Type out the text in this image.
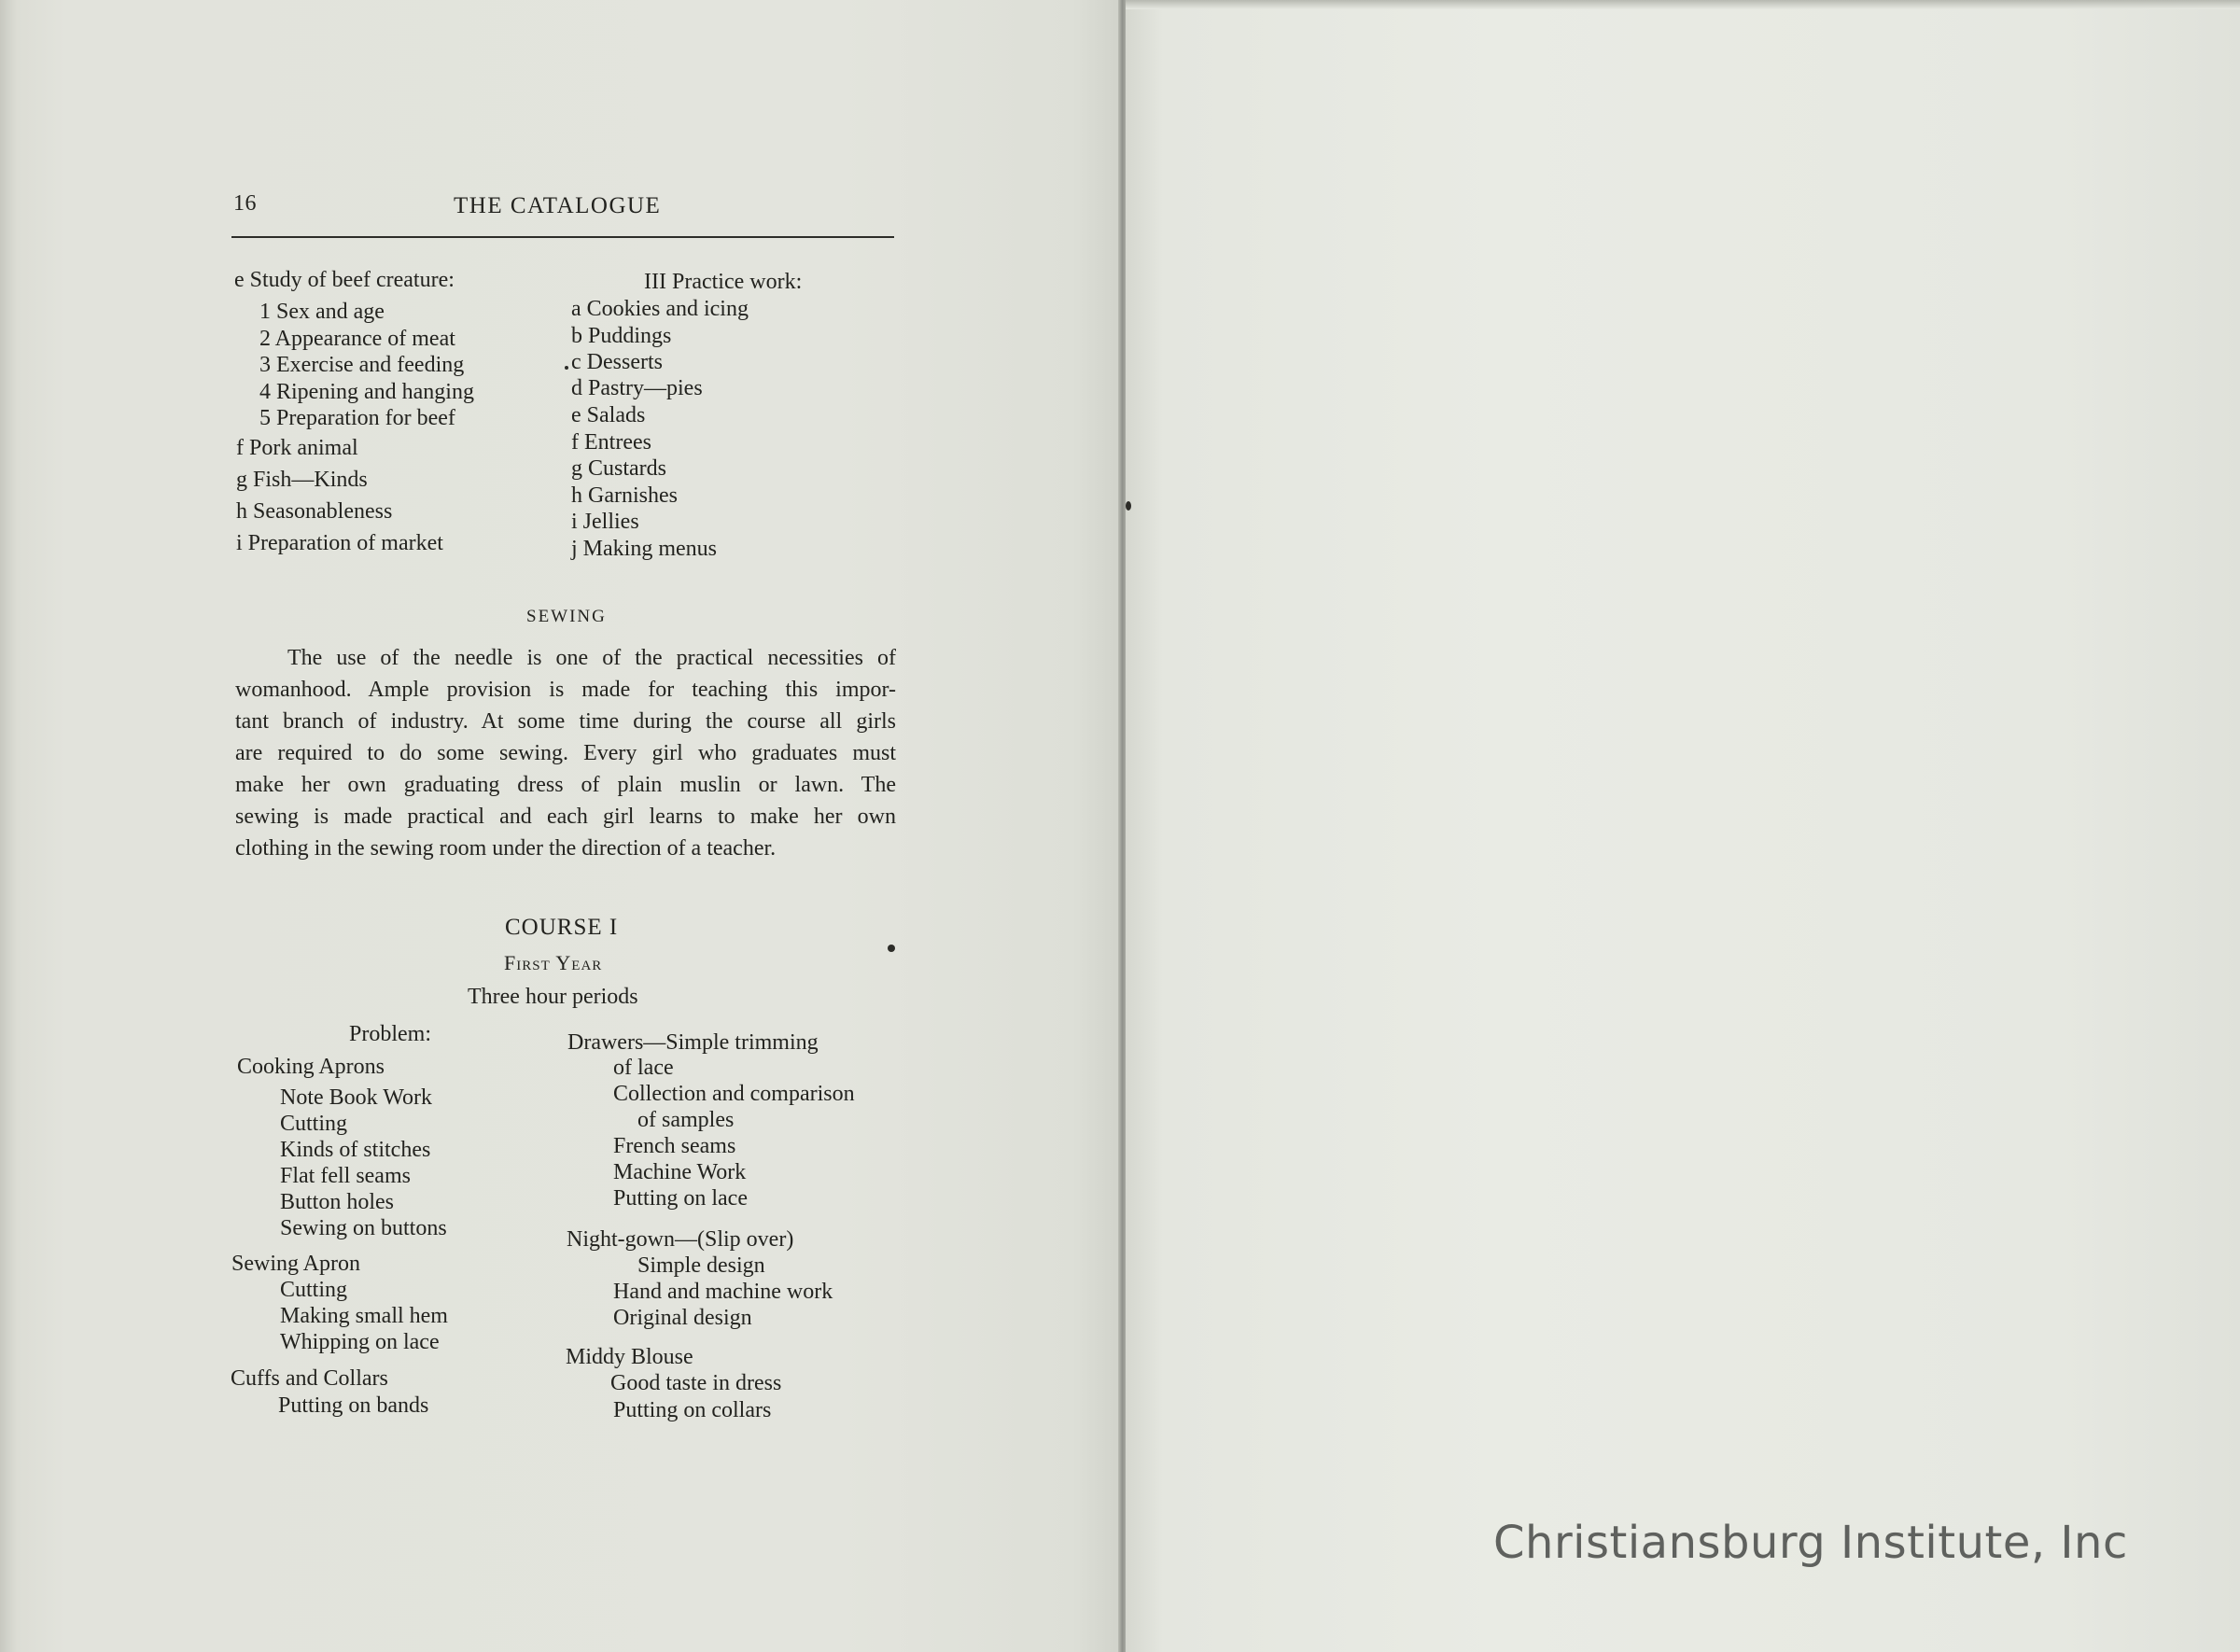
16	THE CATALOGUE
e Study of beef creature:
1 Sex and age
2 Appearance of meat
3 Exercise and feeding
4 Ripening and hanging
5 Preparation for beef
f Pork animal
g Fish—Kinds
h Seasonableness
i Preparation of market
III Practice work:
a Cookies and icing
b Puddings
c Desserts
d Pastry—pies
e Salads
f Entrees
g Custards
h Garnishes
i Jellies
j Making menus
SEWING
The use of the needle is one of the practical necessities of
womanhood. Ample provision is made for teaching this impor-
tant branch of industry. At some time during the course all girls
are required to do some sewing. Every girl who graduates must
make her own graduating dress of plain muslin or lawn. The
sewing is made practical and each girl learns to make her own
clothing in the sewing room under the direction of a teacher.
COURSE I
First Year
Three hour periods
Problem:
Cooking Aprons
Note Book Work
Cutting
Kinds of stitches
Flat fell seams
Button holes
Sewing on buttons
Sewing Apron
Cutting
Making small hem
Whipping on lace
Cuffs and Collars
Putting on bands
Drawers—Simple trimming
of lace
Collection and comparison
of samples
French seams
Machine Work
Putting on lace
Night-gown—(Slip over)
Simple design
Hand and machine work
Original design
Middy Blouse
Good taste in dress
Putting on collars
Christiansburg Institute, Inc
